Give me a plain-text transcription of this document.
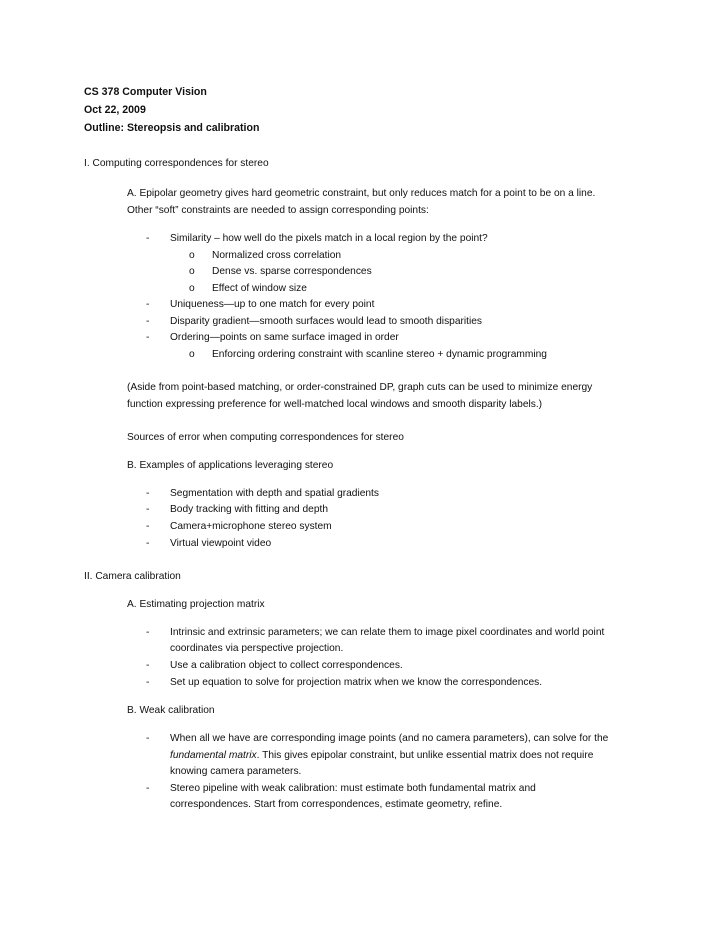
CS 378 Computer Vision
Oct 22, 2009
Outline: Stereopsis and calibration
I. Computing correspondences for stereo
A. Epipolar geometry gives hard geometric constraint, but only reduces match for a point to be on a line.
Other “soft” constraints are needed to assign corresponding points:
- Similarity – how well do the pixels match in a local region by the point?
o Normalized cross correlation
o Dense vs. sparse correspondences
o Effect of window size
- Uniqueness—up to one match for every point
- Disparity gradient—smooth surfaces would lead to smooth disparities
- Ordering—points on same surface imaged in order
o Enforcing ordering constraint with scanline stereo + dynamic programming
(Aside from point-based matching, or order-constrained DP, graph cuts can be used to minimize energy
function expressing preference for well-matched local windows and smooth disparity labels.)
Sources of error when computing correspondences for stereo
B. Examples of applications leveraging stereo
- Segmentation with depth and spatial gradients
- Body tracking with fitting and depth
- Camera+microphone stereo system
- Virtual viewpoint video
II. Camera calibration
A. Estimating projection matrix
- Intrinsic and extrinsic parameters; we can relate them to image pixel coordinates and world point
coordinates via perspective projection.
- Use a calibration object to collect correspondences.
- Set up equation to solve for projection matrix when we know the correspondences.
B. Weak calibration
- When all we have are corresponding image points (and no camera parameters), can solve for the
fundamental matrix. This gives epipolar constraint, but unlike essential matrix does not require
knowing camera parameters.
- Stereo pipeline with weak calibration: must estimate both fundamental matrix and
correspondences. Start from correspondences, estimate geometry, refine.
